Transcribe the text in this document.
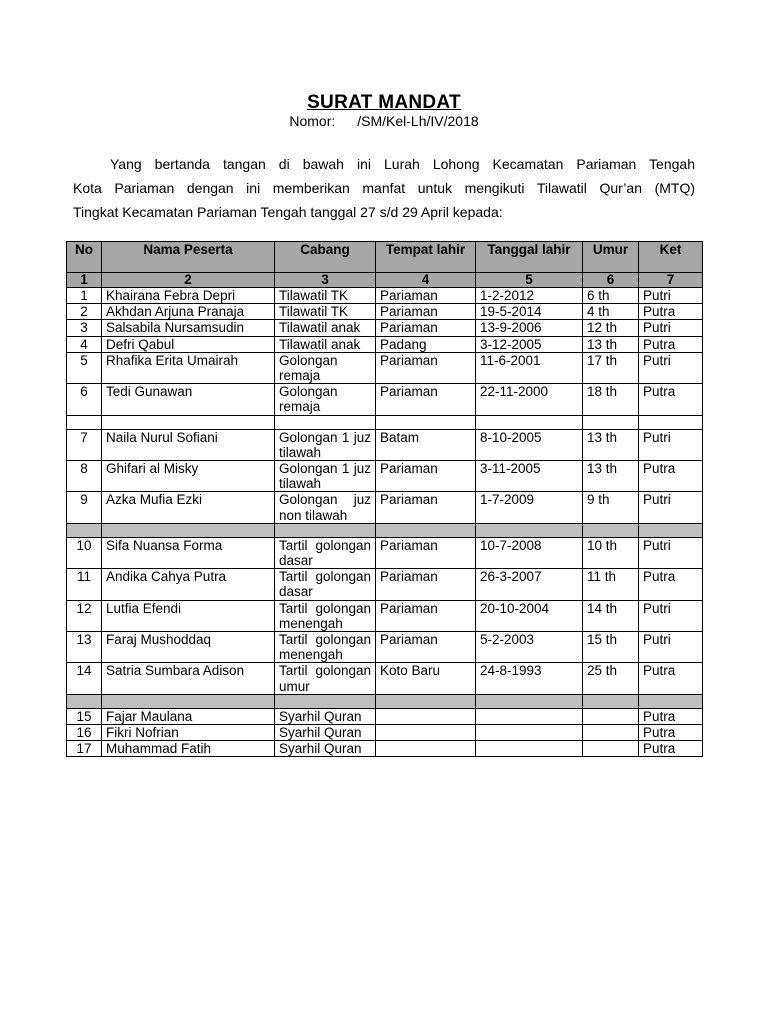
SURAT MANDAT
Nomor: /SM/Kel-Lh/IV/2018
Yang bertanda tangan di bawah ini Lurah Lohong Kecamatan Pariaman Tengah
Kota Pariaman dengan ini memberikan manfat untuk mengikuti Tilawatil Qur’an (MTQ)
Tingkat Kecamatan Pariaman Tengah tanggal 27 s/d 29 April kepada:
No	Nama Peserta	Cabang	Tempat lahir	Tanggal lahir	Umur	Ket
1	2	3	4	5	6	7
1	Khairana Febra Depri	Tilawatil TK	Pariaman	1-2-2012	6 th	Putri
2	Akhdan Arjuna Pranaja	Tilawatil TK	Pariaman	19-5-2014	4 th	Putra
3	Salsabila Nursamsudin	Tilawatil anak	Pariaman	13-9-2006	12 th	Putri
4	Defri Qabul	Tilawatil anak	Padang	3-12-2005	13 th	Putra
5	Rhafika Erita Umairah	Golongan remaja	Pariaman	11-6-2001	17 th	Putri
6	Tedi Gunawan	Golongan remaja	Pariaman	22-11-2000	18 th	Putra

7	Naila Nurul Sofiani	Golongan 1 juz tilawah	Batam	8-10-2005	13 th	Putri
8	Ghifari al Misky	Golongan 1 juz tilawah	Pariaman	3-11-2005	13 th	Putra
9	Azka Mufia Ezki	Golongan juz non tilawah	Pariaman	1-7-2009	9 th	Putri

10	Sifa Nuansa Forma	Tartil golongan dasar	Pariaman	10-7-2008	10 th	Putri
11	Andika Cahya Putra	Tartil golongan dasar	Pariaman	26-3-2007	11 th	Putra
12	Lutfia Efendi	Tartil golongan menengah	Pariaman	20-10-2004	14 th	Putri
13	Faraj Mushoddaq	Tartil golongan menengah	Pariaman	5-2-2003	15 th	Putri
14	Satria Sumbara Adison	Tartil golongan umur	Koto Baru	24-8-1993	25 th	Putra

15	Fajar Maulana	Syarhil Quran				Putra
16	Fikri Nofrian	Syarhil Quran				Putra
17	Muhammad Fatih	Syarhil Quran				Putra
